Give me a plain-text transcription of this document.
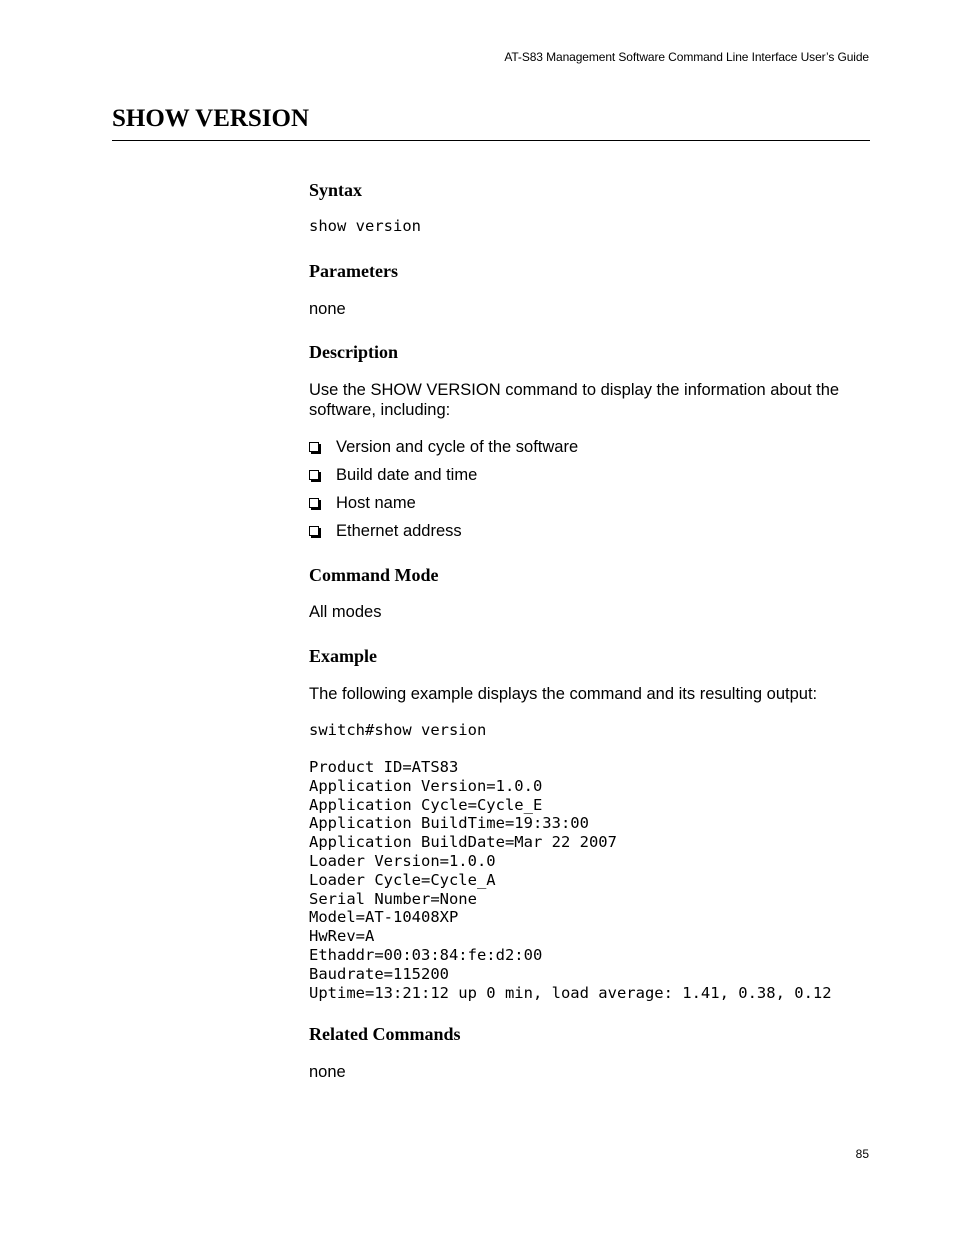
AT-S83 Management Software Command Line Interface User’s Guide
SHOW VERSION
Syntax
show version
Parameters

none

Description

Use the SHOW VERSION command to display the information about the software, including:

Version and cycle of the software
Build date and time
Host name
Ethernet address
Command Mode

All modes

Example

The following example displays the command and its resulting output:

switch#show version
Product ID=ATS83
Application Version=1.0.0
Application Cycle=Cycle_E
Application BuildTime=19:33:00
Application BuildDate=Mar 22 2007
Loader Version=1.0.0
Loader Cycle=Cycle_A
Serial Number=None
Model=AT-10408XP
HwRev=A
Ethaddr=00:03:84:fe:d2:00
Baudrate=115200
Uptime=13:21:12 up 0 min, load average: 1.41, 0.38, 0.12
Related Commands

none

85
